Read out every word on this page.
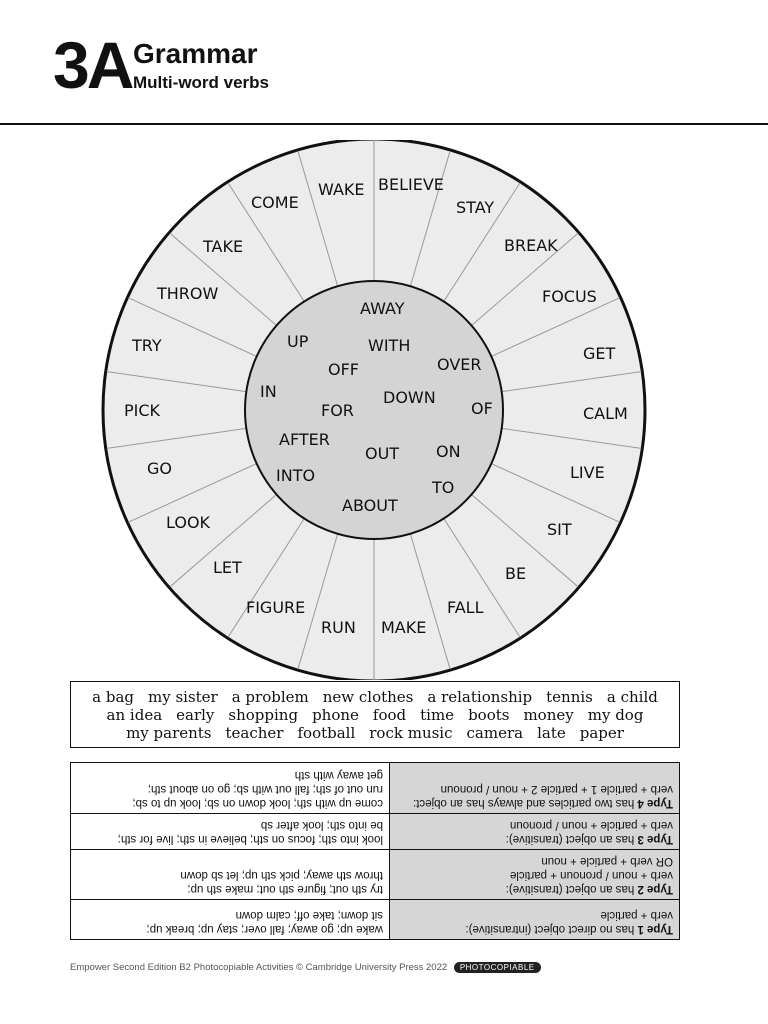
3A Grammar
Multi-word verbs
BELIEVE
STAY
BREAK
FOCUS
GET
CALM
LIVE
SIT
BE
FALL
MAKE
RUN
FIGURE
LET
LOOK
GO
PICK
TRY
THROW
TAKE
COME
WAKE
AWAY
UP	WITH
OFF	OVER
IN	DOWN
FOR	OF
AFTER
OUT ON
INTO
TO
ABOUT
a bag my sister a problem new clothes a relationship tennis a child
an idea early shopping phone food time boots money my dog
my parents teacher football rock music camera late paper
Type 1 has no direct object (intransitive):
verb + particle
wake up; go away; fall over; stay up; break up;
sit down; take off; calm down
Type 2 has an object (transitive):
verb + noun / pronoun + particle
OR verb + particle + noun
try sth out; figure sth out; make sth up;
throw sth away; pick sth up; let sb down
Type 3 has an object (transitive):
verb + particle + noun / pronoun
look into sth; focus on sth; believe in sth; live for sth;
be into sth; look after sb
Type 4 has two particles and always has an object:
verb + particle 1 + particle 2 + noun / pronoun
come up with sth; look down on sb; look up to sb;
run out of sth; fall out with sb; go on about sth;
get away with sth
Empower Second Edition B2 Photocopiable Activities © Cambridge University Press 2022 PHOTOCOPIABLE
